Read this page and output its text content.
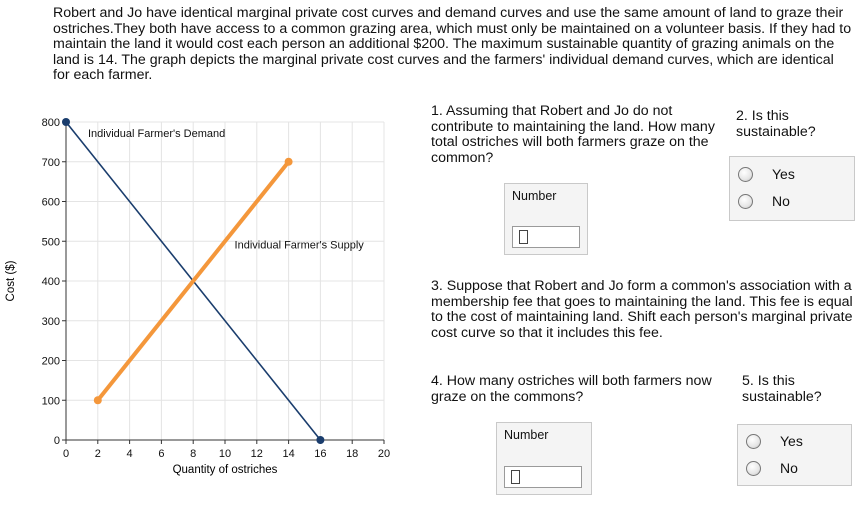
Robert and Jo have identical marginal private cost curves and demand curves and use the same amount of land to graze their ostriches.They both have access to a common grazing area, which must only be maintained on a volunteer basis. If they had to maintain the land it would cost each person an additional $200. The maximum sustainable quantity of grazing animals on the land is 14. The graph depicts the marginal private cost curves and the farmers' individual demand curves, which are identical for each farmer.

0
100
200
300
400
500
600
700
800
0 2 4 6 8 10 12 14 16 18 20
Individual Farmer's Demand
Individual Farmer's Supply
Quantity of ostriches
Cost ($)

1. Assuming that Robert and Jo do not contribute to maintaining the land. How many total ostriches will both farmers graze on the common?

2. Is this sustainable?

Number
Yes
No

3. Suppose that Robert and Jo form a common's association with a membership fee that goes to maintaining the land. This fee is equal to the cost of maintaining land. Shift each person's marginal private cost curve so that it includes this fee.

4. How many ostriches will both farmers now graze on the commons?

5. Is this sustainable?

Number	Yes
No
